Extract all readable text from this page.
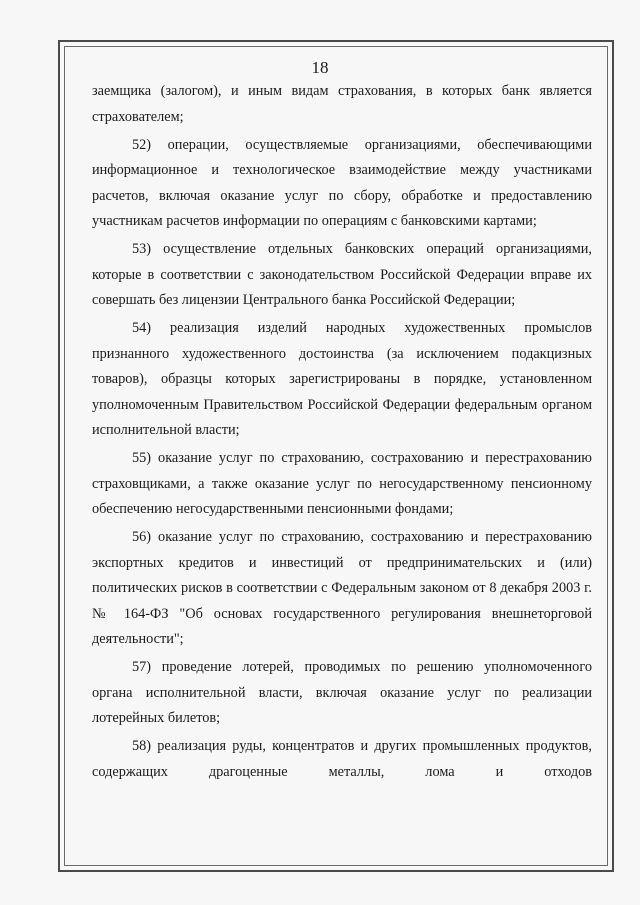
18

заемщика (залогом), и иным видам страхования, в которых банк является страхователем;

52) операции, осуществляемые организациями, обеспечивающими информационное и технологическое взаимодействие между участниками расчетов, включая оказание услуг по сбору, обработке и предоставлению участникам расчетов информации по операциям с банковскими картами;

53) осуществление отдельных банковских операций организациями, которые в соответствии с законодательством Российской Федерации вправе их совершать без лицензии Центрального банка Российской Федерации;

54) реализация изделий народных художественных промыслов признанного художественного достоинства (за исключением подакцизных товаров), образцы которых зарегистрированы в порядке, установленном уполномоченным Правительством Российской Федерации федеральным органом исполнительной власти;

55) оказание услуг по страхованию, сострахованию и перестрахованию страховщиками, а также оказание услуг по негосударственному пенсионному обеспечению негосударственными пенсионными фондами;

56) оказание услуг по страхованию, сострахованию и перестрахованию экспортных кредитов и инвестиций от предпринимательских и (или) политических рисков в соответствии с Федеральным законом от 8 декабря 2003 г. № 164-ФЗ "Об основах государственного регулирования внешнеторговой деятельности";

57) проведение лотерей, проводимых по решению уполномоченного органа исполнительной власти, включая оказание услуг по реализации лотерейных билетов;

58) реализация руды, концентратов и других промышленных продуктов, содержащих драгоценные металлы, лома и отходов
